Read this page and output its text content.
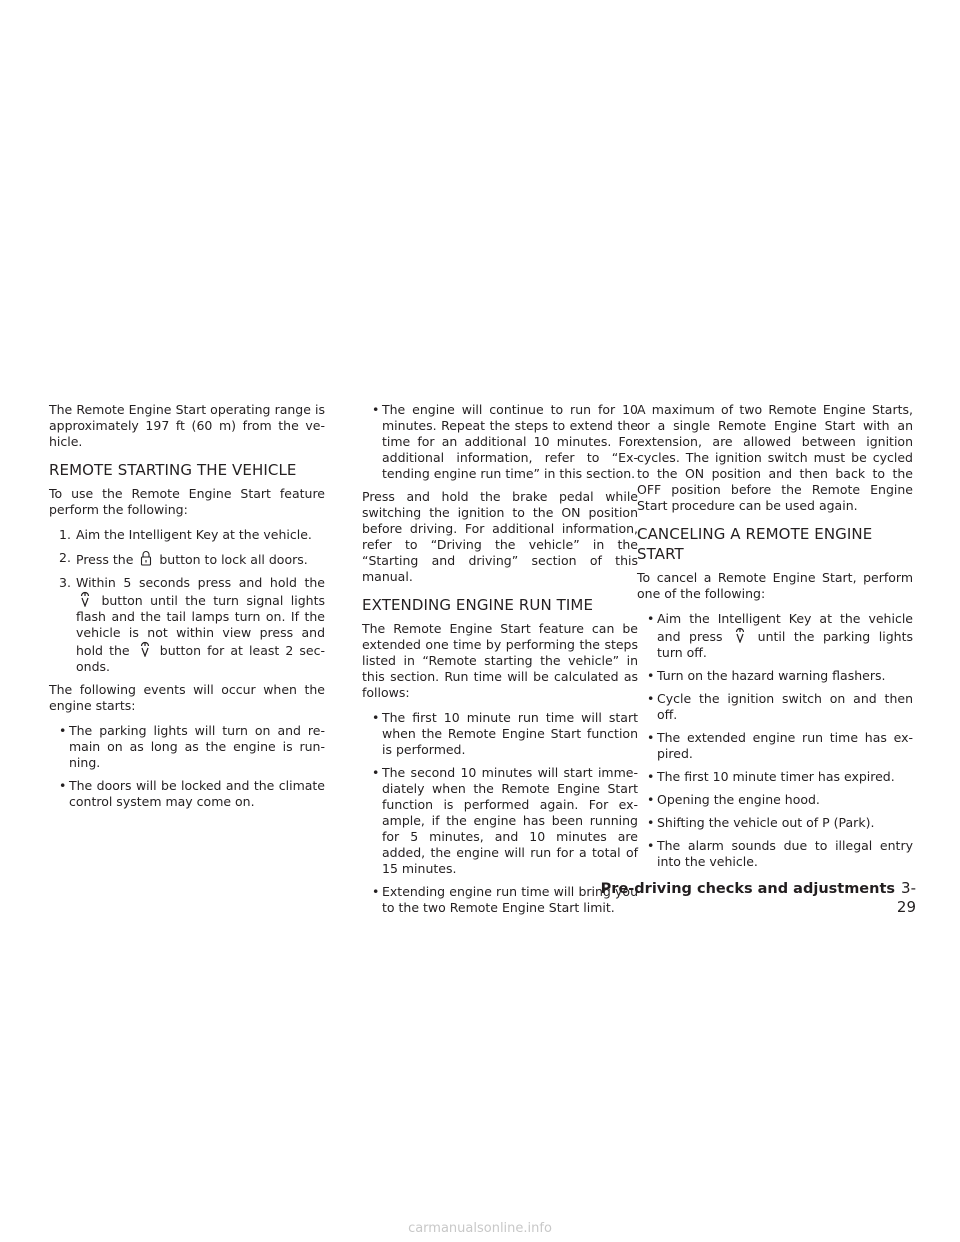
The Remote Engine Start operating range is approximately 197 ft (60 m) from the ve- hicle.

REMOTE STARTING THE VEHICLE

To use the Remote Engine Start feature perform the following:

1. Aim the Intelligent Key at the vehicle.
2. Press the button to lock all doors.
3. Within 5 seconds press and hold the
button until the turn signal lights flash and the tail lamps turn on. If the vehicle is not within view press and hold the button for at least 2 sec- onds.

The following events will occur when the engine starts:

• The parking lights will turn on and re- main on as long as the engine is run- ning.
• The doors will be locked and the climate control system may come on.
• The engine will continue to run for 10 minutes. Repeat the steps to extend the time for an additional 10 minutes. For additional information, refer to “Ex- tending engine run time” in this section.

Press and hold the brake pedal while switching the ignition to the ON position before driving. For additional information, refer to “Driving the vehicle” in the “Starting and driving” section of this manual.

EXTENDING ENGINE RUN TIME

The Remote Engine Start feature can be extended one time by performing the steps listed in “Remote starting the vehicle” in this section. Run time will be calculated as follows:

• The first 10 minute run time will start when the Remote Engine Start function is performed.
• The second 10 minutes will start imme- diately when the Remote Engine Start function is performed again. For ex- ample, if the engine has been running for 5 minutes, and 10 minutes are added, the engine will run for a total of 15 minutes.
• Extending engine run time will bring you to the two Remote Engine Start limit.

A maximum of two Remote Engine Starts, or a single Remote Engine Start with an extension, are allowed between ignition cycles. The ignition switch must be cycled to the ON position and then back to the OFF position before the Remote Engine Start procedure can be used again.

CANCELING A REMOTE ENGINE START

To cancel a Remote Engine Start, perform one of the following:

• Aim the Intelligent Key at the vehicle and press	until the parking lights turn off.
• Turn on the hazard warning flashers.
• Cycle the ignition switch on and then off.
• The extended engine run time has ex- pired.
• The first 10 minute timer has expired.
• Opening the engine hood.
• Shifting the vehicle out of P (Park).
• The alarm sounds due to illegal entry into the vehicle.
Pre-driving checks and adjustments 3-29
carmanualsonline.info
